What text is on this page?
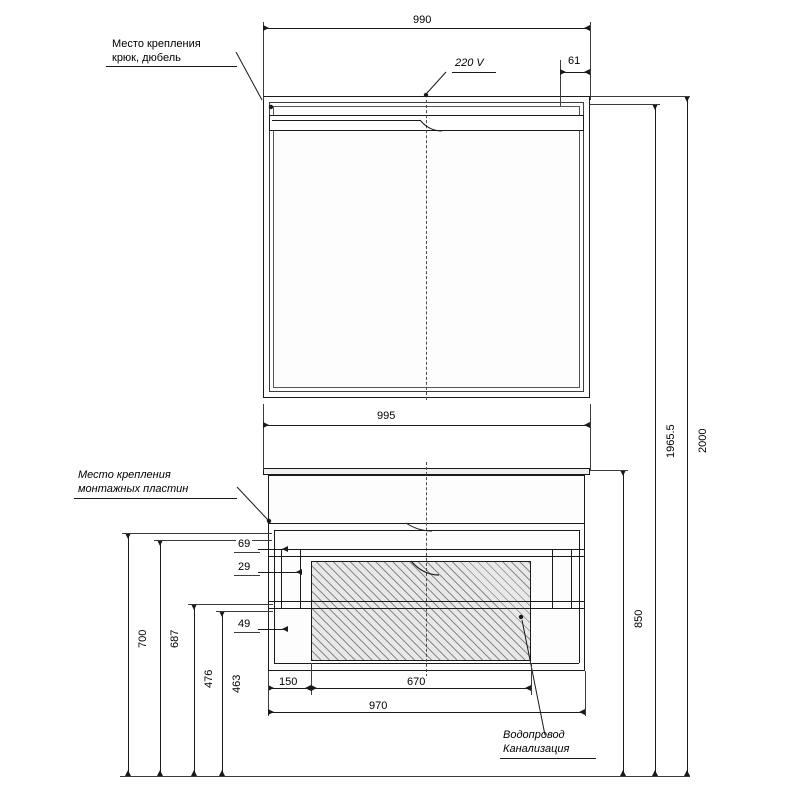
Место крепления
крюк, дюбель	220 V
Место крепления
монтажных пластин
Водопровод
Канализация
990
61
995
2000
1965.5
850
700 687
476 463
69
29
49
150	670
970
